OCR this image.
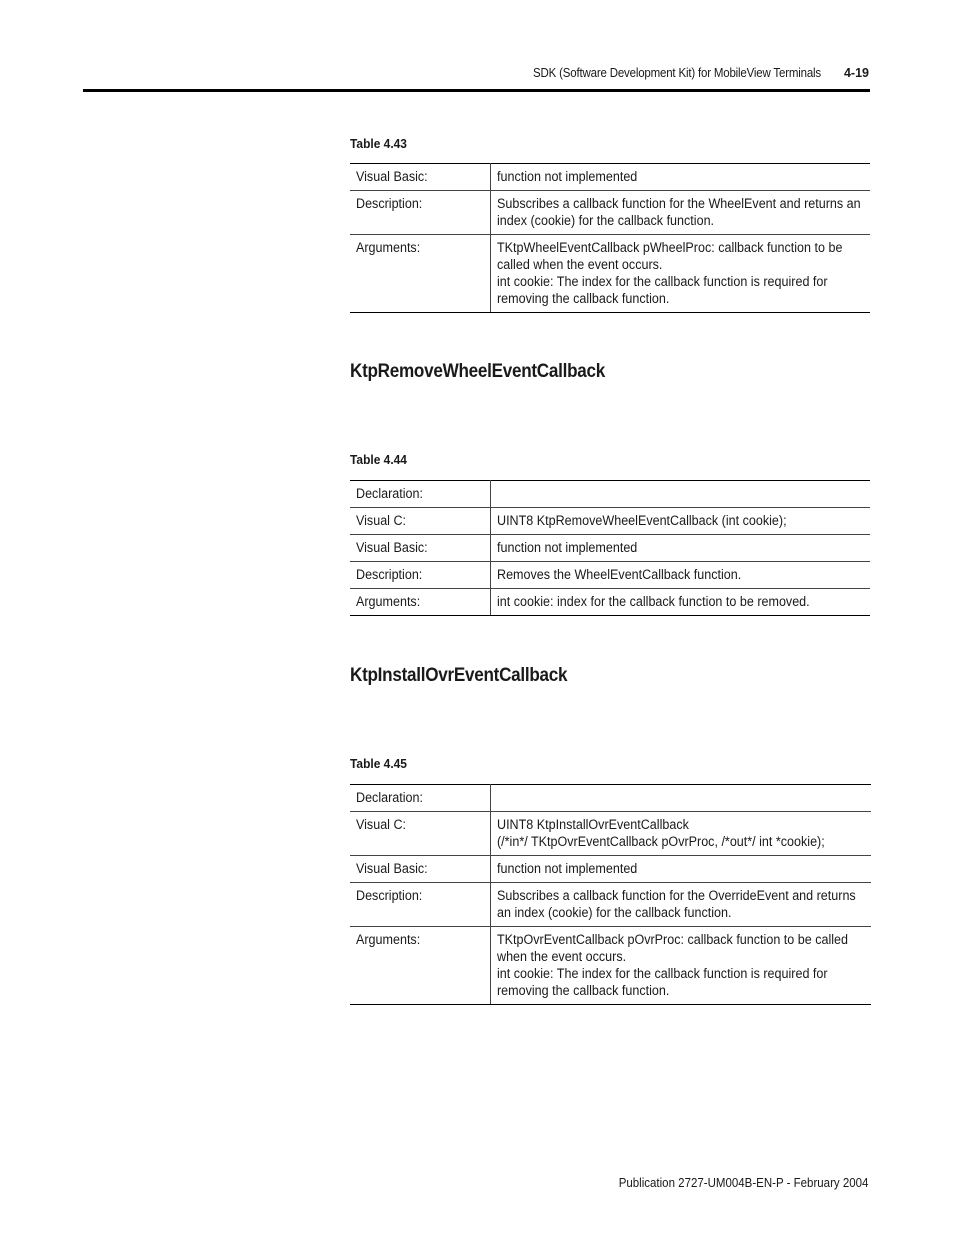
SDK (Software Development Kit) for MobileView Terminals 4-19
Table 4.43
Visual Basic:	function not implemented

Description:	Subscribes a callback function for the WheelEvent and returns an index (cookie) for the callback function.

Arguments:	TKtpWheelEventCallback pWheelProc: callback function to be called when the event occurs.
int cookie: The index for the callback function is required for removing the callback function.
KtpRemoveWheelEventCallback
Table 4.44
Declaration:	

Visual C:	UINT8 KtpRemoveWheelEventCallback (int cookie);

Visual Basic:	function not implemented

Description:	Removes the WheelEventCallback function.

Arguments:	int cookie: index for the callback function to be removed.
KtpInstallOvrEventCallback
Table 4.45
Declaration:	

Visual C:	UINT8 KtpInstallOvrEventCallback
(/*in*/ TKtpOvrEventCallback pOvrProc, /*out*/ int *cookie);

Visual Basic:	function not implemented

Description:	Subscribes a callback function for the OverrideEvent and returns an index (cookie) for the callback function.

Arguments:	TKtpOvrEventCallback pOvrProc: callback function to be called when the event occurs.
int cookie: The index for the callback function is required for removing the callback function.
Publication 2727-UM004B-EN-P - February 2004
